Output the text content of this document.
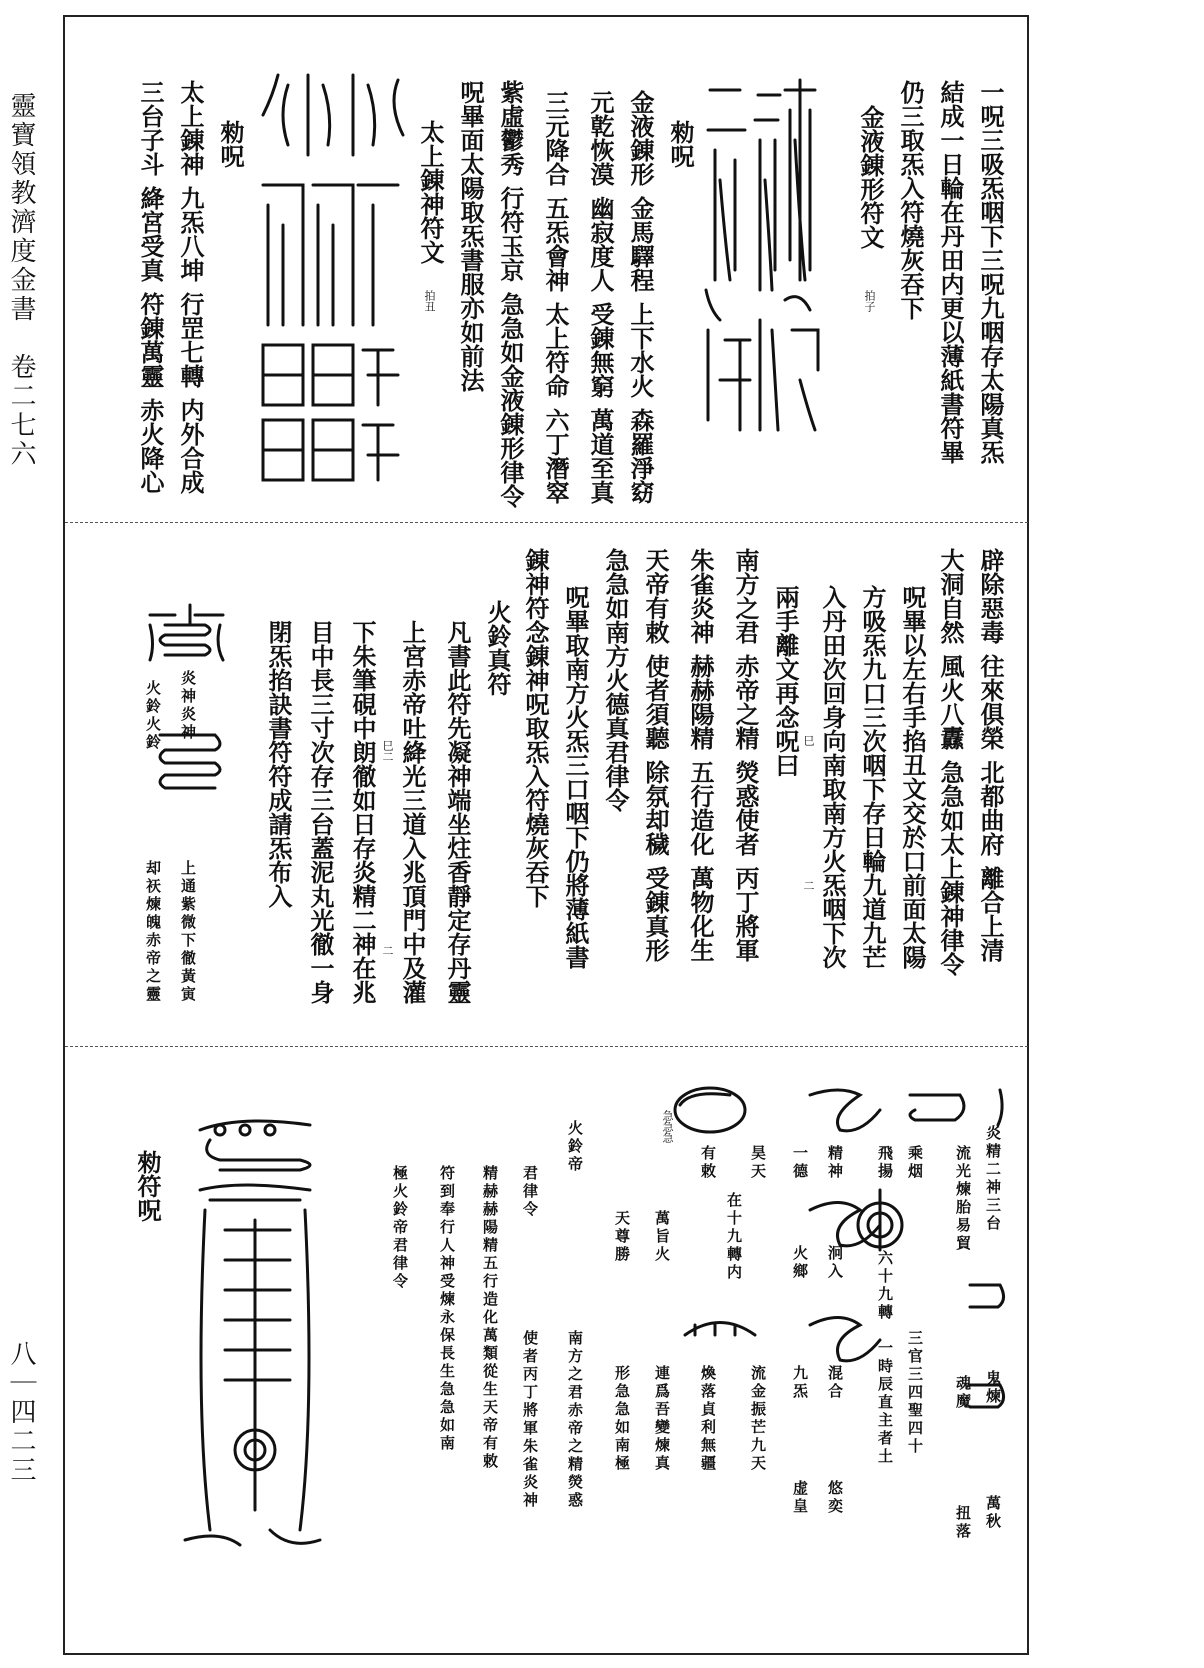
靈寶領教濟度金書　卷二七六
八｜四二三
一呪三吸炁咽下三呪九咽存太陽真炁
結成一日輪在丹田内更以薄紙書符畢
仍三取炁入符燒灰吞下
金液錬形符文
拍子
勑呪
金液錬形　金馬驛程　上下水火　森羅淨窈
元亁恢漠　幽寂度人　受錬無窮　萬道至真
三元降合　五炁會神　太上符命　六丁潛窣
紫虛鬱秀　行符玉京　急急如金液錬形律令
呪畢面太陽取炁書服亦如前法
太上錬神符文
拍丑
勑呪
太上錬神　九炁八坤　行罡七轉　内外合成
三台子斗　絳宮受真　符錬萬靈　赤火降心
辟除惡毒　往來俱榮　北都曲府　離合上清
大洞自然　風火八纛　急急如太上錬神律令
呪畢以左右手掐丑文交於口前面太陽
方吸炁九口三次咽下存日輪九道九芒
入丹田次回身向南取南方火炁咽下次
巳
二
兩手離文再念呪曰
南方之君　赤帝之精　熒惑使者　丙丁將軍
朱雀炎神　赫赫陽精　五行造化　萬物化生
天帝有敕　使者須聽　除氛却穢　受錬真形
急急如南方火德真君律令
呪畢取南方火炁三口咽下仍將薄紙書
錬神符念錬神呪取炁入符燒灰吞下
火鈴真符
凡書此符先凝神端坐炷香靜定存丹靈
上宮赤帝吐絳光三道入兆頂門中及灌
巳二
二
下朱筆硯中朗徹如日存炎精二神在兆
目中長三寸次存三台蓋泥丸光徹一身
閉炁掐訣書符符成請炁布入
炎神炎神
上通紫微下徹黃寅
火鈴火鈴
却祆煉魄赤帝之靈
炎精二神三台
鬼煉
萬秋
流光煉胎易貿
魂魔
扭落
乘烟
三官三四聖四十
飛揚
六十九轉
一時辰直主者土
精神
泂入
混合
悠奕
一德
火鄉
九炁
虚皇
昊天
在十九轉内
流金振芒九天
有敕
煥落貞利無疆
急急急
萬旨火
連爲吾變煉真
天尊勝
形急急如南極
火鈴帝
南方之君赤帝之精熒惑
君律令
使者丙丁將軍朱雀炎神
精赫赫陽精五行造化萬類從生天帝有敕
符到奉行人神受煉永保長生急急如南
極火鈴帝君律令
勑符呪
